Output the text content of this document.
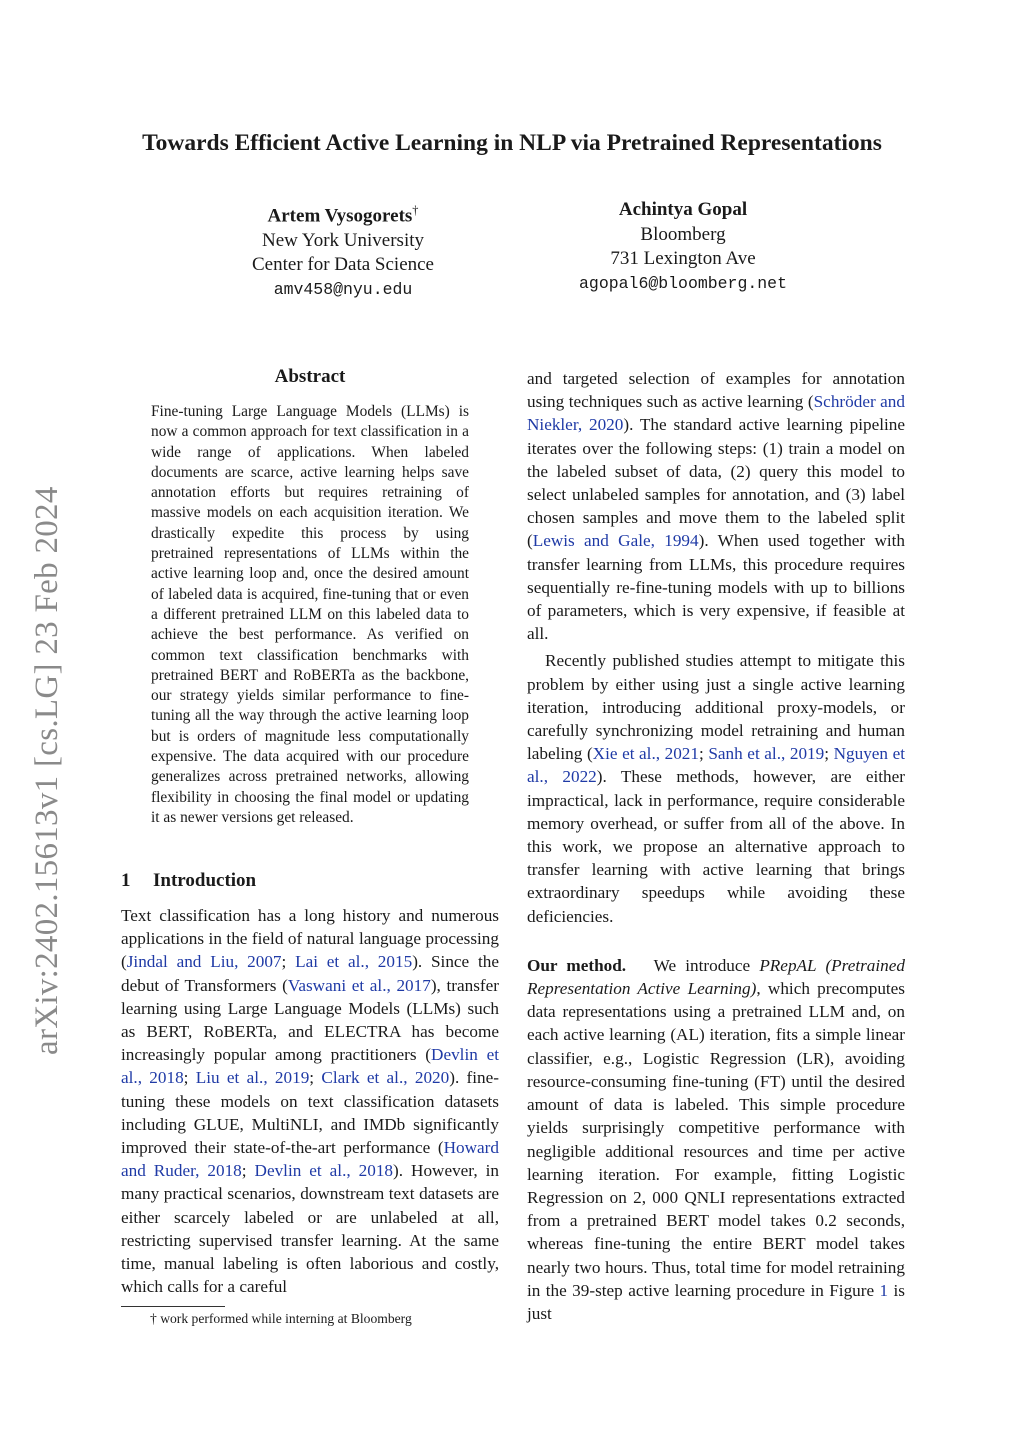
arXiv:2402.15613v1 [cs.LG] 23 Feb 2024
Towards Efficient Active Learning in NLP via Pretrained Representations
Artem Vysogorets†
New York University
Center for Data Science
amv458@nyu.edu
Achintya Gopal
Bloomberg
731 Lexington Ave
agopal6@bloomberg.net
Abstract

Fine-tuning Large Language Models (LLMs) is now a common approach for text classification in a wide range of applications. When labeled documents are scarce, active learning helps save annotation efforts but requires retraining of massive models on each acquisition iteration. We drastically expedite this process by using pretrained representations of LLMs within the active learning loop and, once the desired amount of labeled data is acquired, fine-tuning that or even a different pretrained LLM on this labeled data to achieve the best performance. As verified on common text classification benchmarks with pretrained BERT and RoBERTa as the backbone, our strategy yields similar performance to fine-tuning all the way through the active learning loop but is orders of magnitude less computationally expensive. The data acquired with our procedure generalizes across pretrained networks, allowing flexibility in choosing the final model or updating it as newer versions get released.

1 Introduction

Text classification has a long history and numerous applications in the field of natural language processing (Jindal and Liu, 2007; Lai et al., 2015). Since the debut of Transformers (Vaswani et al., 2017), transfer learning using Large Language Models (LLMs) such as BERT, RoBERTa, and ELECTRA has become increasingly popular among practitioners (Devlin et al., 2018; Liu et al., 2019; Clark et al., 2020). fine-tuning these models on text classification datasets including GLUE, MultiNLI, and IMDb significantly improved their state-of-the-art performance (Howard and Ruder, 2018; Devlin et al., 2018). However, in many practical scenarios, downstream text datasets are either scarcely labeled or are unlabeled at all, restricting supervised transfer learning. At the same time, manual labeling is often laborious and costly, which calls for a careful

† work performed while interning at Bloomberg

and targeted selection of examples for annotation using techniques such as active learning (Schröder and Niekler, 2020). The standard active learning pipeline iterates over the following steps: (1) train a model on the labeled subset of data, (2) query this model to select unlabeled samples for annotation, and (3) label chosen samples and move them to the labeled split (Lewis and Gale, 1994). When used together with transfer learning from LLMs, this procedure requires sequentially re-fine-tuning models with up to billions of parameters, which is very expensive, if feasible at all.

Recently published studies attempt to mitigate this problem by either using just a single active learning iteration, introducing additional proxy-models, or carefully synchronizing model retraining and human labeling (Xie et al., 2021; Sanh et al., 2019; Nguyen et al., 2022). These methods, however, are either impractical, lack in performance, require considerable memory overhead, or suffer from all of the above. In this work, we propose an alternative approach to transfer learning with active learning that brings extraordinary speedups while avoiding these deficiencies.

Our method. We introduce PRepAL (Pretrained Representation Active Learning), which precomputes data representations using a pretrained LLM and, on each active learning (AL) iteration, fits a simple linear classifier, e.g., Logistic Regression (LR), avoiding resource-consuming fine-tuning (FT) until the desired amount of data is labeled. This simple procedure yields surprisingly competitive performance with negligible additional resources and time per active learning iteration. For example, fitting Logistic Regression on 2, 000 QNLI representations extracted from a pretrained BERT model takes 0.2 seconds, whereas fine-tuning the entire BERT model takes nearly two hours. Thus, total time for model retraining in the 39-step active learning procedure in Figure 1 is just
